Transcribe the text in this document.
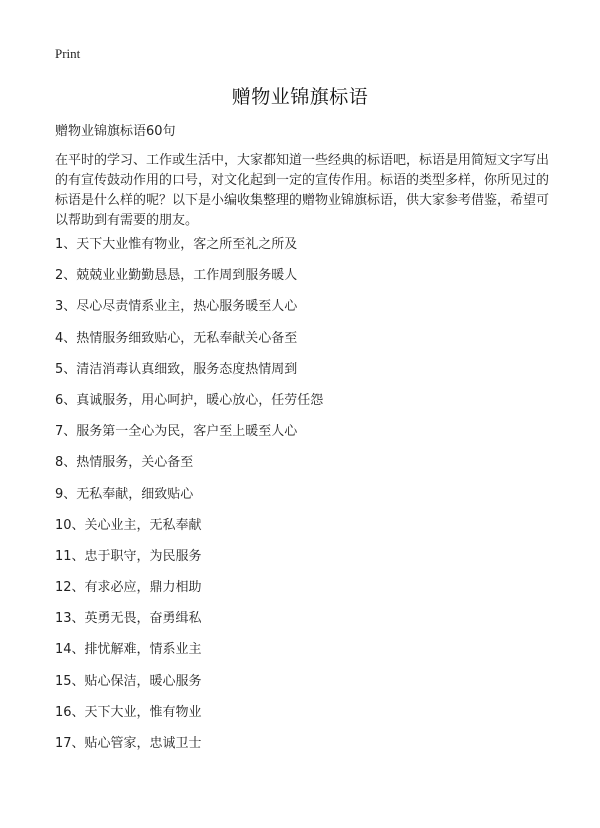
Print
赠物业锦旗标语
赠物业锦旗标语60句

在平时的学习、工作或生活中，大家都知道一些经典的标语吧，标语是用简短文字写出的有宣传鼓动作用的口号，对文化起到一定的宣传作用。标语的类型多样，你所见过的标语是什么样的呢？以下是小编收集整理的赠物业锦旗标语，供大家参考借鉴，希望可以帮助到有需要的朋友。

1、天下大业惟有物业，客之所至礼之所及
2、兢兢业业勤勤恳恳，工作周到服务暖人
3、尽心尽责情系业主，热心服务暖至人心
4、热情服务细致贴心，无私奉献关心备至
5、清洁消毒认真细致，服务态度热情周到
6、真诚服务，用心呵护，暖心放心，任劳任怨
7、服务第一全心为民，客户至上暖至人心
8、热情服务，关心备至
9、无私奉献，细致贴心
10、关心业主，无私奉献
11、忠于职守，为民服务
12、有求必应，鼎力相助
13、英勇无畏，奋勇缉私
14、排忧解难，情系业主
15、贴心保洁，暖心服务
16、天下大业，惟有物业
17、贴心管家，忠诚卫士
